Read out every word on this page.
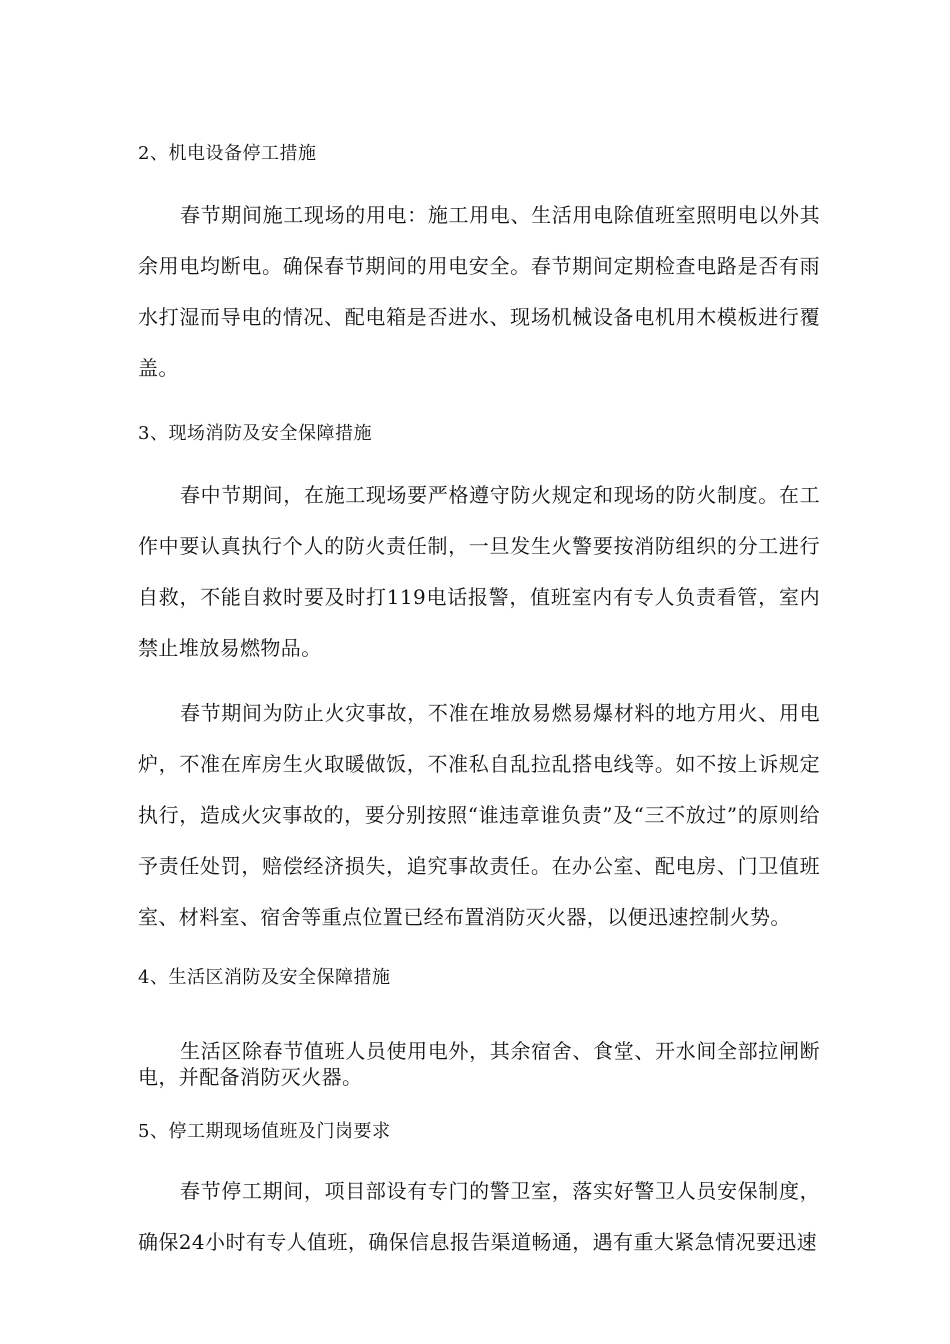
2、机电设备停工措施
春节期间施工现场的用电：施工用电、生活用电除值班室照明电以外其余用电均断电。确保春节期间的用电安全。春节期间定期检查电路是否有雨水打湿而导电的情况、配电箱是否进水、现场机械设备电机用木模板进行覆盖。
3、现场消防及安全保障措施
春中节期间，在施工现场要严格遵守防火规定和现场的防火制度。在工作中要认真执行个人的防火责任制，一旦发生火警要按消防组织的分工进行自救，不能自救时要及时打119电话报警，值班室内有专人负责看管，室内禁止堆放易燃物品。
春节期间为防止火灾事故，不准在堆放易燃易爆材料的地方用火、用电炉，不准在库房生火取暖做饭，不准私自乱拉乱搭电线等。如不按上诉规定执行，造成火灾事故的，要分别按照“谁违章谁负责”及“三不放过”的原则给予责任处罚，赔偿经济损失，追究事故责任。在办公室、配电房、门卫值班室、材料室、宿舍等重点位置已经布置消防灭火器，以便迅速控制火势。
4、生活区消防及安全保障措施
生活区除春节值班人员使用电外，其余宿舍、食堂、开水间全部拉闸断电，并配备消防灭火器。
5、停工期现场值班及门岗要求
春节停工期间，项目部设有专门的警卫室，落实好警卫人员安保制度，确保24小时有专人值班，确保信息报告渠道畅通，遇有重大紧急情况要迅速
